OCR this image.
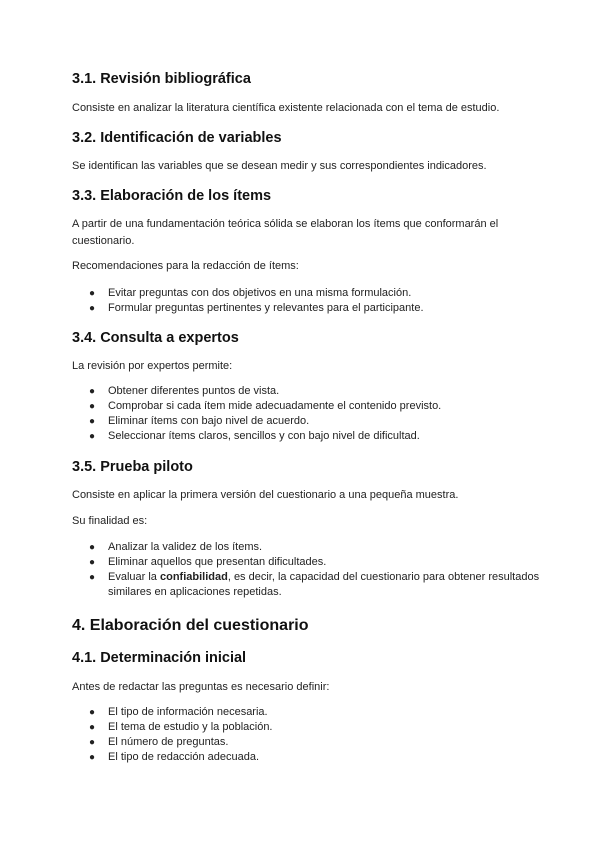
3.1. Revisión bibliográfica

Consiste en analizar la literatura científica existente relacionada con el tema de estudio.

3.2. Identificación de variables

Se identifican las variables que se desean medir y sus correspondientes indicadores.

3.3. Elaboración de los ítems

A partir de una fundamentación teórica sólida se elaboran los ítems que conformarán el cuestionario.

Recomendaciones para la redacción de ítems:

● Evitar preguntas con dos objetivos en una misma formulación.
● Formular preguntas pertinentes y relevantes para el participante.
3.4. Consulta a expertos

La revisión por expertos permite:

● Obtener diferentes puntos de vista.
● Comprobar si cada ítem mide adecuadamente el contenido previsto.
● Eliminar ítems con bajo nivel de acuerdo.
● Seleccionar ítems claros, sencillos y con bajo nivel de dificultad.
3.5. Prueba piloto

Consiste en aplicar la primera versión del cuestionario a una pequeña muestra.

Su finalidad es:

● Analizar la validez de los ítems.
● Eliminar aquellos que presentan dificultades.
● Evaluar la confiabilidad, es decir, la capacidad del cuestionario para obtener resultados similares en aplicaciones repetidas.
4. Elaboración del cuestionario
4.1. Determinación inicial

Antes de redactar las preguntas es necesario definir:

● El tipo de información necesaria.
● El tema de estudio y la población.
● El número de preguntas.
● El tipo de redacción adecuada.
